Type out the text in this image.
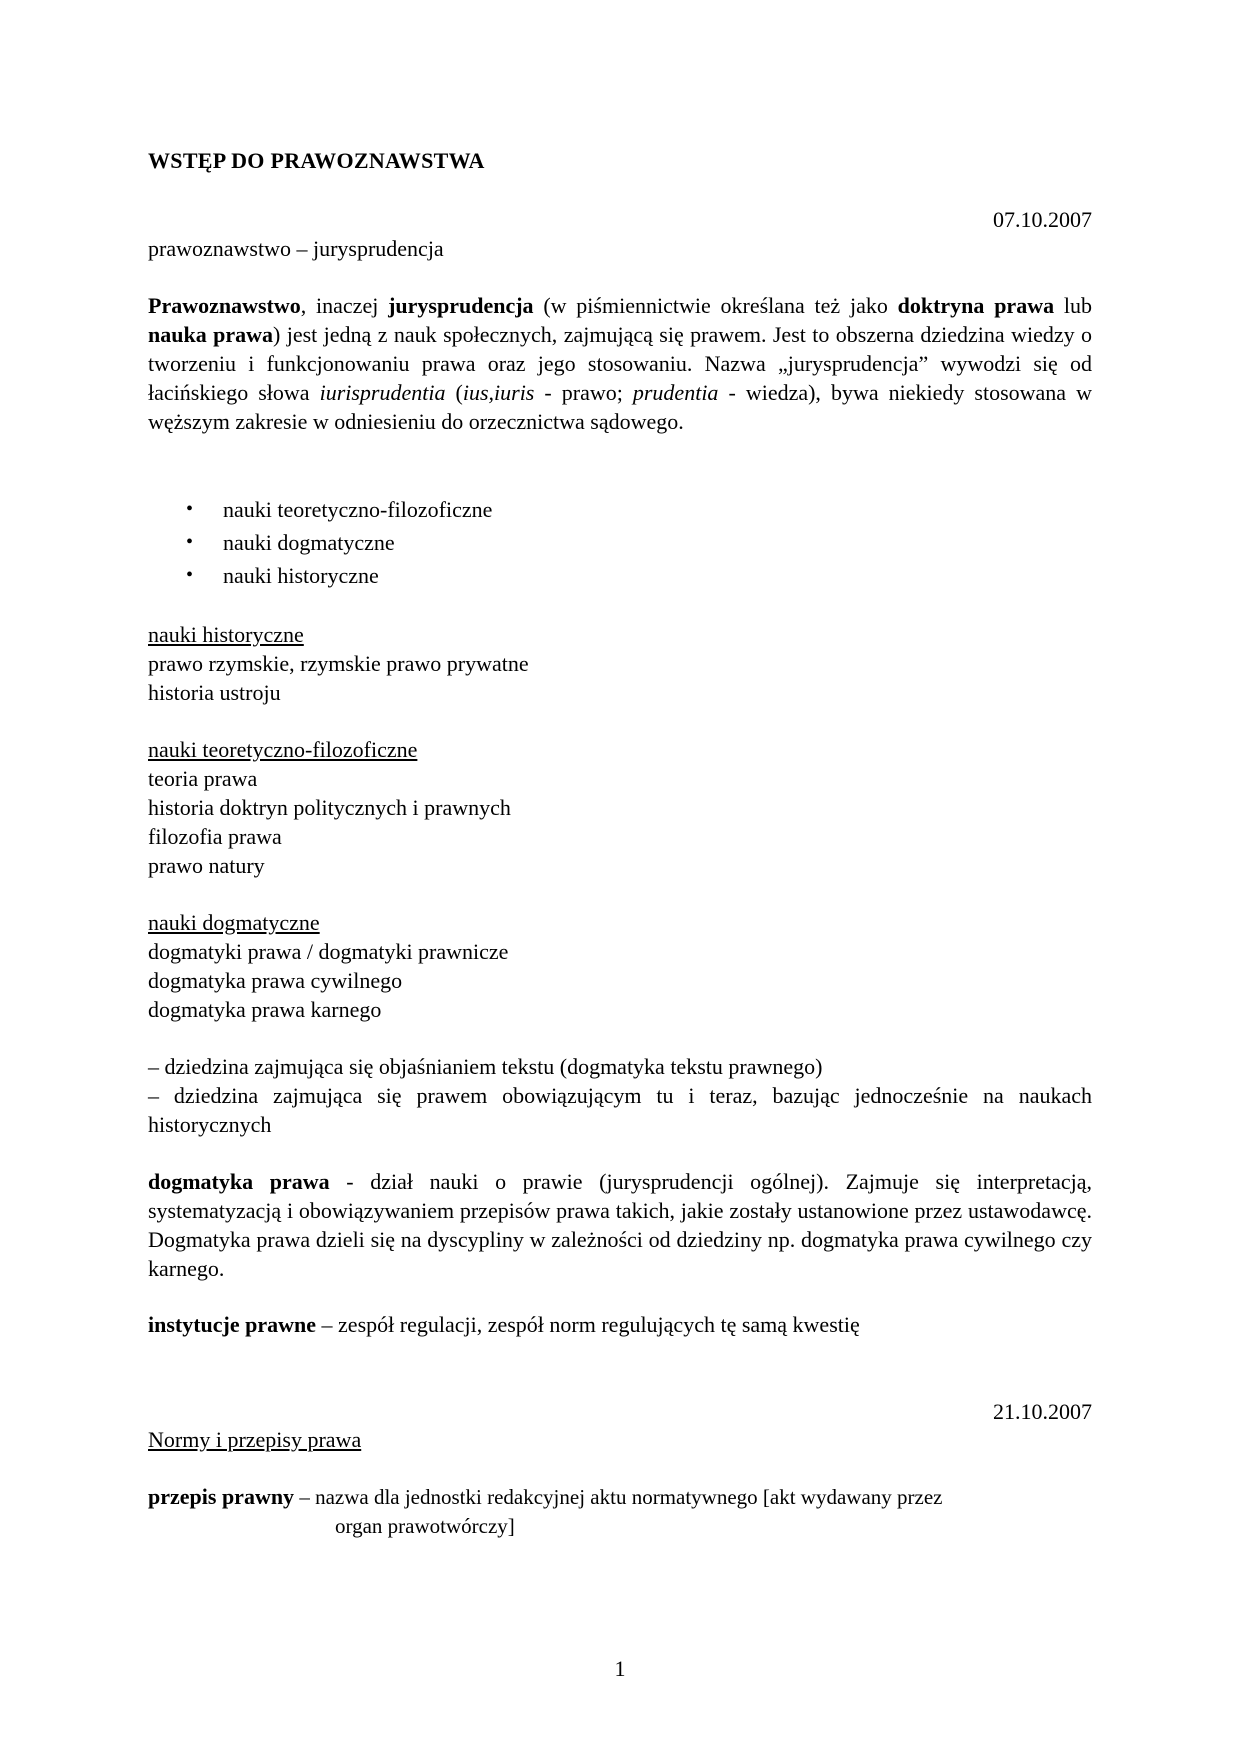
WSTĘP DO PRAWOZNAWSTWA
07.10.2007
prawoznawstwo – jurysprudencja

Prawoznawstwo, inaczej jurysprudencja (w piśmiennictwie określana też jako doktryna prawa lub nauka prawa) jest jedną z nauk społecznych, zajmującą się prawem. Jest to obszerna dziedzina wiedzy o tworzeniu i funkcjonowaniu prawa oraz jego stosowaniu. Nazwa „jurysprudencja” wywodzi się od łacińskiego słowa iurisprudentia (ius,iuris - prawo; prudentia - wiedza), bywa niekiedy stosowana w węższym zakresie w odniesieniu do orzecznictwa sądowego.

• nauki teoretyczno-filozoficzne
• nauki dogmatyczne
• nauki historyczne
nauki historyczne
prawo rzymskie, rzymskie prawo prywatne
historia ustroju
nauki teoretyczno-filozoficzne
teoria prawa
historia doktryn politycznych i prawnych
filozofia prawa
prawo natury
nauki dogmatyczne
dogmatyki prawa / dogmatyki prawnicze
dogmatyka prawa cywilnego
dogmatyka prawa karnego
– dziedzina zajmująca się objaśnianiem tekstu (dogmatyka tekstu prawnego)
– dziedzina zajmująca się prawem obowiązującym tu i teraz, bazując jednocześnie na naukach historycznych

dogmatyka prawa - dział nauki o prawie (jurysprudencji ogólnej). Zajmuje się interpretacją, systematyzacją i obowiązywaniem przepisów prawa takich, jakie zostały ustanowione przez ustawodawcę. Dogmatyka prawa dzieli się na dyscypliny w zależności od dziedziny np. dogmatyka prawa cywilnego czy karnego.

instytucje prawne – zespół regulacji, zespół norm regulujących tę samą kwestię

21.10.2007
Normy i przepisy prawa
przepis prawny – nazwa dla jednostki redakcyjnej aktu normatywnego [akt wydawany przez
organ prawotwórczy]
1
